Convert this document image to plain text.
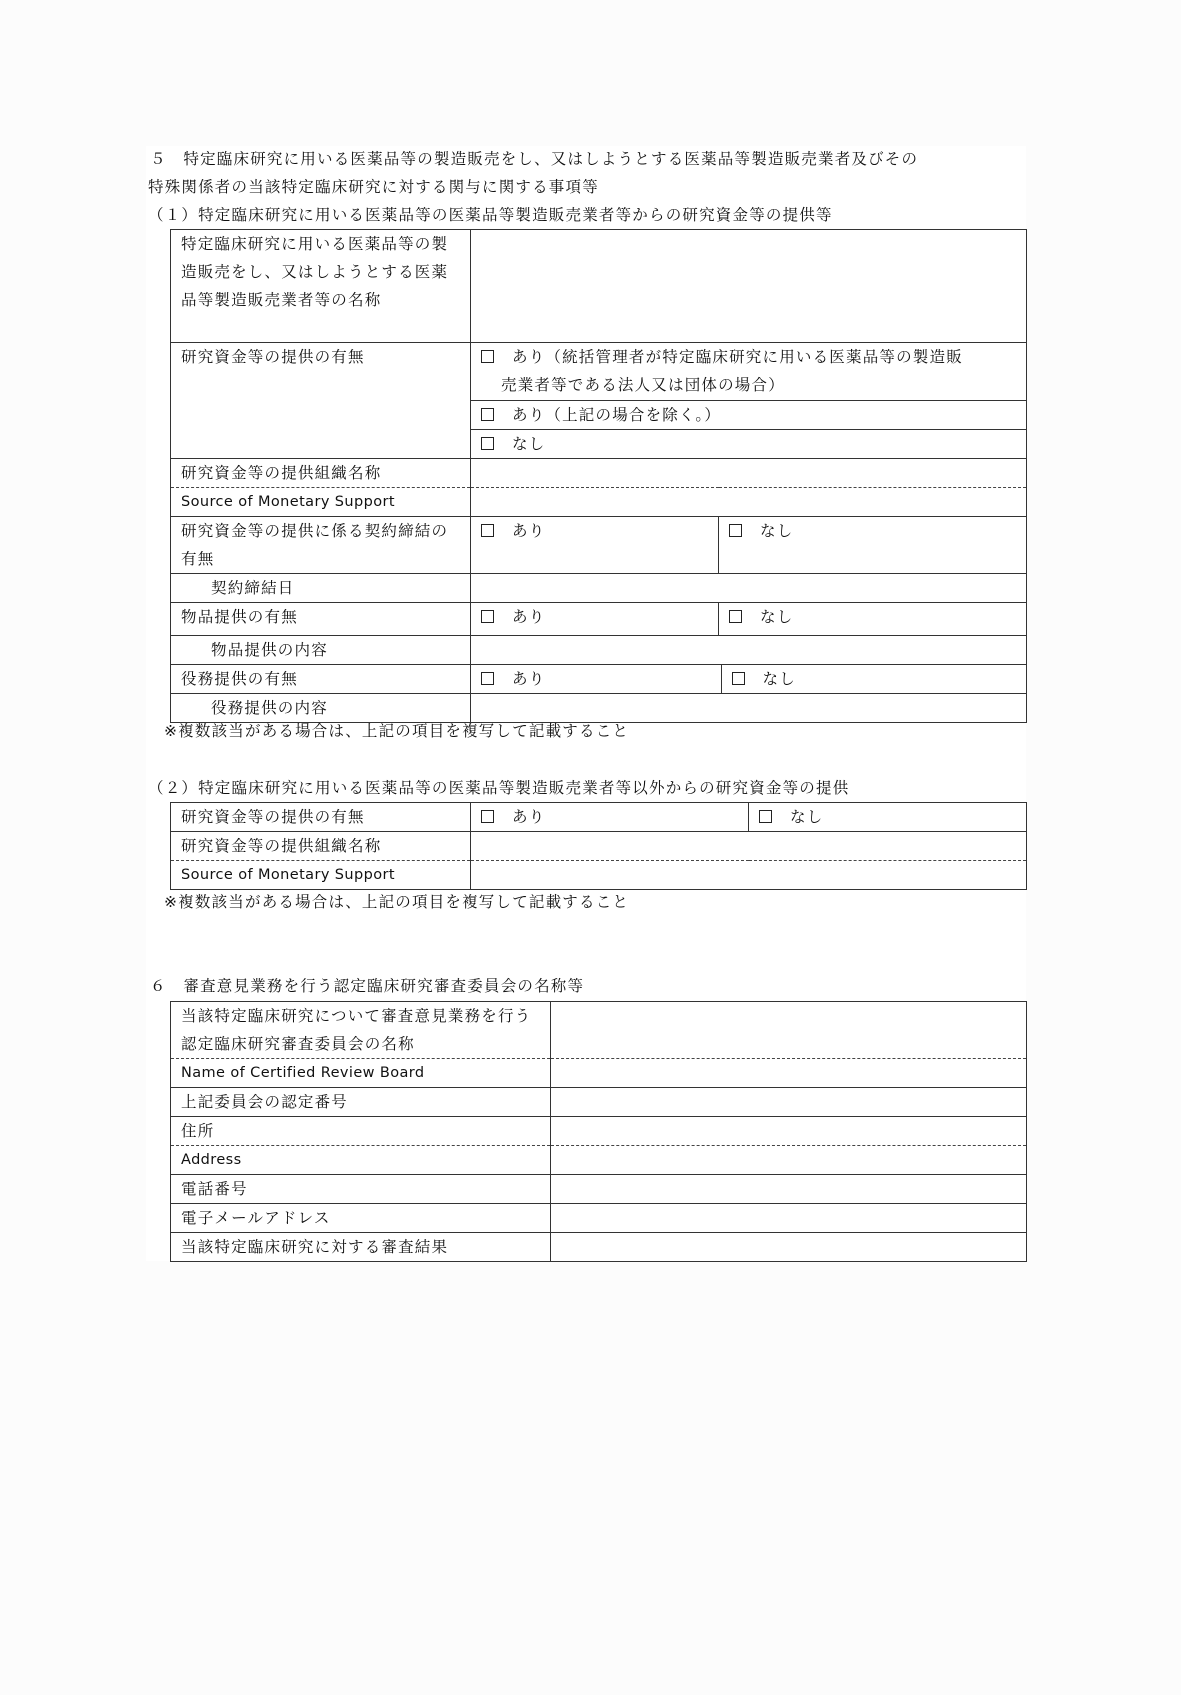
５　特定臨床研究に用いる医薬品等の製造販売をし、又はしようとする医薬品等製造販売業者及びその
特殊関係者の当該特定臨床研究に対する関与に関する事項等
（１）特定臨床研究に用いる医薬品等の医薬品等製造販売業者等からの研究資金等の提供等
特定臨床研究に用いる医薬品等の製造販売をし、又はしようとする医薬品等製造販売業者等の名称	
研究資金等の提供の有無	あり（統括管理者が特定臨床研究に用いる医薬品等の製造販
売業者等である法人又は団体の場合）

あり（上記の場合を除く。）
なし
研究資金等の提供組織名称	
Source of Monetary Support	
研究資金等の提供に係る契約締結の有無	あり	なし
契約締結日	
物品提供の有無	あり	なし
物品提供の内容	
役務提供の有無		あり	なし

役務提供の内容	
※複数該当がある場合は、上記の項目を複写して記載すること
（２）特定臨床研究に用いる医薬品等の医薬品等製造販売業者等以外からの研究資金等の提供
研究資金等の提供の有無	あり	なし
研究資金等の提供組織名称		
Source of Monetary Support		
※複数該当がある場合は、上記の項目を複写して記載すること
６　審査意見業務を行う認定臨床研究審査委員会の名称等
当該特定臨床研究について審査意見業務を行う認定臨床研究審査委員会の名称	
Name of Certified Review Board	
上記委員会の認定番号	
住所	
Address	
電話番号	
電子メールアドレス	
当該特定臨床研究に対する審査結果	
